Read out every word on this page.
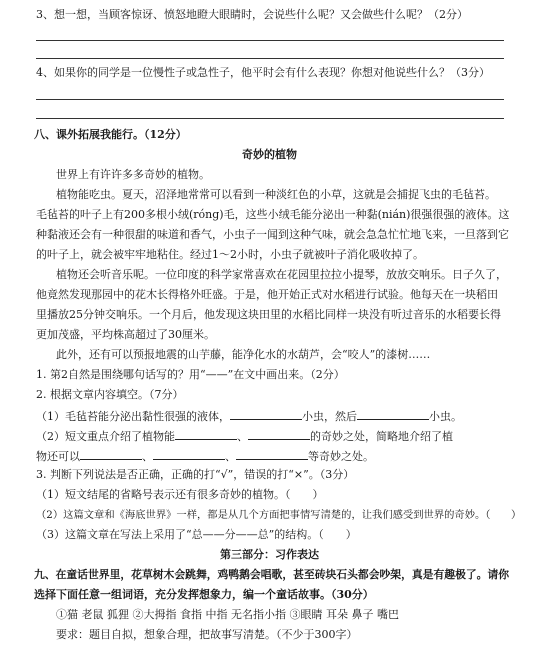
3、想一想，当顾客惊讶、愤怒地瞪大眼睛时，会说些什么呢？又会做些什么呢？（2分）
4、如果你的同学是一位慢性子或急性子，他平时会有什么表现？你想对他说些什么？（3分）
八、课外拓展我能行。（12分）
奇妙的植物
世界上有许许多多奇妙的植物。
植物能吃虫。夏天，沼泽地常常可以看到一种淡红色的小草，这就是会捕捉飞虫的毛毡苔。
毛毡苔的叶子上有200多根小绒(róng)毛，这些小绒毛能分泌出一种黏(nián)很强很强的液体。这
种黏液还会有一种很甜的味道和香气，小虫子一闻到这种气味，就会急急忙忙地飞来，一旦落到它
的叶子上，就会被牢牢地粘住。经过1～2小时，小虫子就被叶子消化吸收掉了。
植物还会听音乐呢。一位印度的科学家常喜欢在花园里拉拉小提琴，放放交响乐。日子久了，
他竟然发现那园中的花木长得格外旺盛。于是，他开始正式对水稻进行试验。他每天在一块稻田
里播放25分钟交响乐。一个月后，他发现这块田里的水稻比同样一块没有听过音乐的水稻要长得
更加茂盛，平均株高超过了30厘米。
此外，还有可以预报地震的山芋藤，能净化水的水葫芦，会“咬人”的漆树……
1. 第2自然是围绕哪句话写的？用“——”在文中画出来。（2分）
2. 根据文章内容填空。（7分）
（1）毛毡苔能分泌出黏性很强的液体，	小虫，然后	小虫。
（2）短文重点介绍了植物能	、	的奇妙之处，简略地介绍了植
物还可以	、	、	等奇妙之处。
3. 判断下列说法是否正确，正确的打“√”，错误的打“×”。（3分）
（1）短文结尾的省略号表示还有很多奇妙的植物。（　　）
（2）这篇文章和《海底世界》一样，都是从几个方面把事情写清楚的，让我们感受到世界的奇妙。（　　）
（3）这篇文章在写法上采用了“总——分——总”的结构。（　　）
第三部分：习作表达
九、在童话世界里，花草树木会跳舞，鸡鸭鹅会唱歌，甚至砖块石头都会吵架，真是有趣极了。请你
选择下面任意一组词语，充分发挥想象力，编一个童话故事。（30分）
①猫 老鼠 狐狸 ②大拇指 食指 中指 无名指小指 ③眼睛 耳朵 鼻子 嘴巴
要求：题目自拟，想象合理，把故事写清楚。（不少于300字）
